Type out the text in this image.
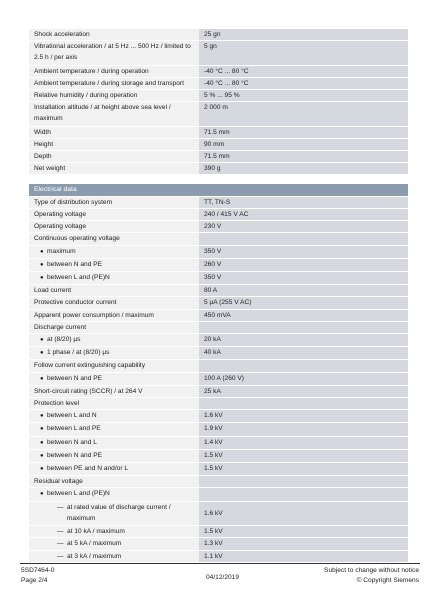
Shock acceleration	25 gn
Vibrational acceleration / at 5 Hz ... 500 Hz / limited to 2.5 h / per axis	5 gn
Ambient temperature / during operation	-40 °C ... 80 °C
Ambient temperature / during storage and transport	-40 °C ... 80 °C
Relative humidity / during operation	5 % ... 95 %
Installation altitude / at height above sea level / maximum	2 000 m
Width	71.5 mm
Height	90 mm
Depth	71.5 mm
Net weight	390 g

Electrical data	
Type of distribution system	TT, TN-S
Operating voltage	240 / 415 V AC
Operating voltage	230 V
Continuous operating voltage	
● maximum	350 V
● between N and PE	260 V
● between L and (PE)N	350 V
Load current	80 A
Protective conductor current	5 µA (255 V AC)
Apparent power consumption / maximum	450 mVA
Discharge current	
● at (8/20) µs	20 kA
● 1 phase / at (8/20) µs	40 kA
Follow current extinguishing capability	
● between N and PE	100 A (260 V)
Short-circuit rating (SCCR) / at 264 V	25 kA
Protection level	
● between L and N	1.6 kV
● between L and PE	1.9 kV
● between N and L	1.4 kV
● between N and PE	1.5 kV
● between PE and N and/or L	1.5 kV
Residual voltage	
● between L and (PE)N	

— at rated value of discharge current / maximum	1.6 kV
— at 10 kA / maximum	1.5 kV
— at 5 kA / maximum	1.3 kV
— at 3 kA / maximum	1.1 kV
5SD7464-0
Page 2/4	04/12/2019
Subject to change without notice
© Copyright Siemens
